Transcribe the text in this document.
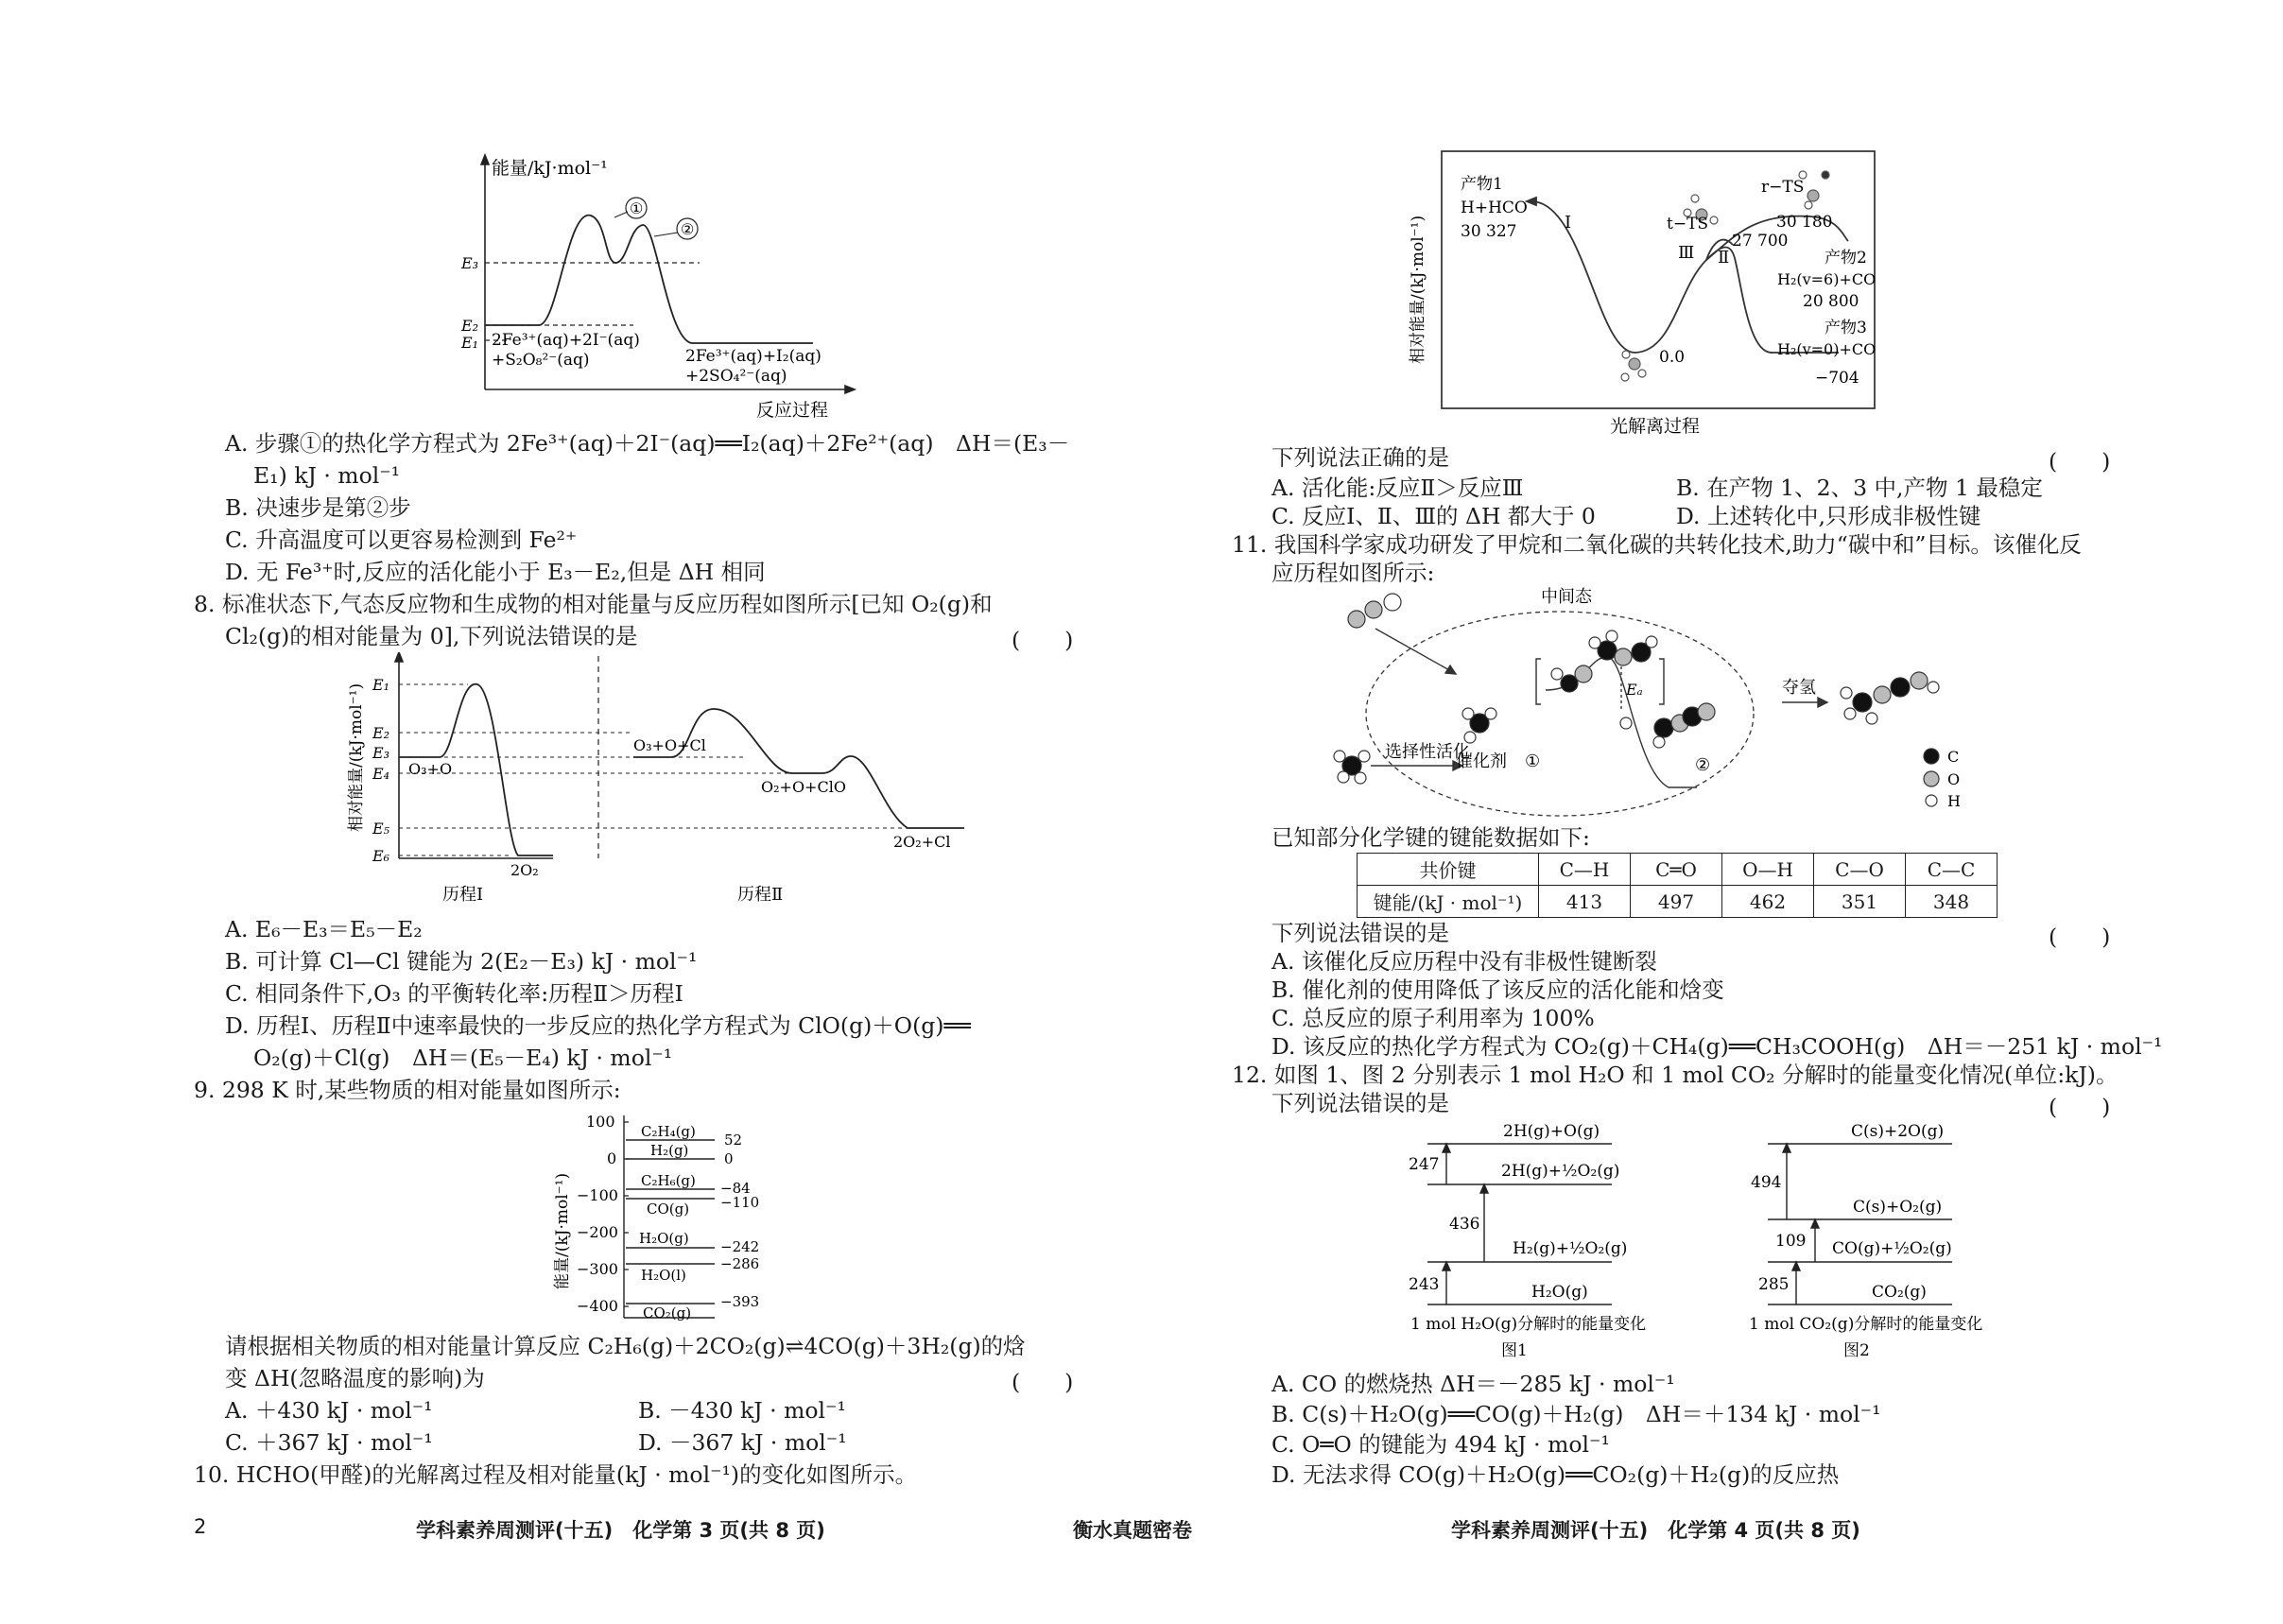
能量/kJ·mol⁻¹
①
②
E₃
E₂
E₁ 2Fe³⁺(aq)+2I⁻(aq)
+S₂O₈²⁻(aq)	2Fe³⁺(aq)+I₂(aq)
+2SO₄²⁻(aq)
反应过程
A. 步骤①的热化学方程式为 2Fe³⁺(aq)＋2I⁻(aq)══I₂(aq)＋2Fe²⁺(aq)　ΔH＝(E₃－
E₁) kJ · mol⁻¹
B. 决速步是第②步
C. 升高温度可以更容易检测到 Fe²⁺
D. 无 Fe³⁺时,反应的活化能小于 E₃－E₂,但是 ΔH 相同
8. 标准状态下,气态反应物和生成物的相对能量与反应历程如图所示[已知 O₂(g)和
Cl₂(g)的相对能量为 0],下列说法错误的是	(　　)
相对能量/(kJ·mol⁻¹) E₁
E₂
E₃
E₄
E₅
E₆
O₃+O
2O₂
O₃+O+Cl
O₂+O+ClO
2O₂+Cl
历程Ⅰ	历程Ⅱ
A. E₆－E₃＝E₅－E₂
B. 可计算 Cl—Cl 键能为 2(E₂－E₃) kJ · mol⁻¹
C. 相同条件下,O₃ 的平衡转化率:历程Ⅱ＞历程Ⅰ
D. 历程Ⅰ、历程Ⅱ中速率最快的一步反应的热化学方程式为 ClO(g)＋O(g)══
O₂(g)＋Cl(g)　ΔH＝(E₅－E₄) kJ · mol⁻¹
9. 298 K 时,某些物质的相对能量如图所示:
能量/(kJ·mol⁻¹)
100
0
−100
−200
−300
−400
C₂H₄(g)
H₂(g)
C₂H₆(g)
CO(g)
H₂O(g)
H₂O(l)
CO₂(g)
52
0
−84
−110
−242
−286
−393
请根据相关物质的相对能量计算反应 C₂H₆(g)＋2CO₂(g)⇌4CO(g)＋3H₂(g)的焓
变 ΔH(忽略温度的影响)为	(　　)
A. ＋430 kJ · mol⁻¹	B. －430 kJ · mol⁻¹
C. ＋367 kJ · mol⁻¹	D. －367 kJ · mol⁻¹
10. HCHO(甲醛)的光解离过程及相对能量(kJ · mol⁻¹)的变化如图所示。
2	学科素养周测评(十五)　化学第 3 页(共 8 页)	衡水真题密卷
相对能量/(kJ·mol⁻¹)
产物1
H+HCO
30 327	Ⅰ	t−TS
Ⅲ Ⅱ
27 700
r−TS
30 180
产物2
H₂(v=6)+CO
20 800
产物3
H₂(v=0)+CO
−704
0.0
光解离过程
下列说法正确的是	(　　)
A. 活化能:反应Ⅱ＞反应Ⅲ	B. 在产物 1、2、3 中,产物 1 最稳定
C. 反应Ⅰ、Ⅱ、Ⅲ的 ΔH 都大于 0	D. 上述转化中,只形成非极性键
11. 我国科学家成功研发了甲烷和二氧化碳的共转化技术,助力“碳中和”目标。该催化反
应历程如图所示:
中间态
选择性活化
催化剂 ①	②
Eₐ	夺氢
C
O
H
已知部分化学键的键能数据如下:
共价键	C—H	C═O	O—H	C—O	C—C
键能/(kJ · mol⁻¹)	413	497	462	351	348
下列说法错误的是	(　　)
A. 该催化反应历程中没有非极性键断裂
B. 催化剂的使用降低了该反应的活化能和焓变
C. 总反应的原子利用率为 100%
D. 该反应的热化学方程式为 CO₂(g)＋CH₄(g)══CH₃COOH(g)　ΔH＝－251 kJ · mol⁻¹
12. 如图 1、图 2 分别表示 1 mol H₂O 和 1 mol CO₂ 分解时的能量变化情况(单位:kJ)。
下列说法错误的是	(　　)
2H(g)+O(g)
2H(g)+½O₂(g)
H₂(g)+½O₂(g)
H₂O(g)
247
436
243
1 mol H₂O(g)分解时的能量变化
图1
C(s)+2O(g)
C(s)+O₂(g)
CO(g)+½O₂(g)
CO₂(g)
494
109
285
1 mol CO₂(g)分解时的能量变化
图2
A. CO 的燃烧热 ΔH＝－285 kJ · mol⁻¹
B. C(s)＋H₂O(g)══CO(g)＋H₂(g)　ΔH＝＋134 kJ · mol⁻¹
C. O═O 的键能为 494 kJ · mol⁻¹
D. 无法求得 CO(g)＋H₂O(g)══CO₂(g)＋H₂(g)的反应热
学科素养周测评(十五)　化学第 4 页(共 8 页)
